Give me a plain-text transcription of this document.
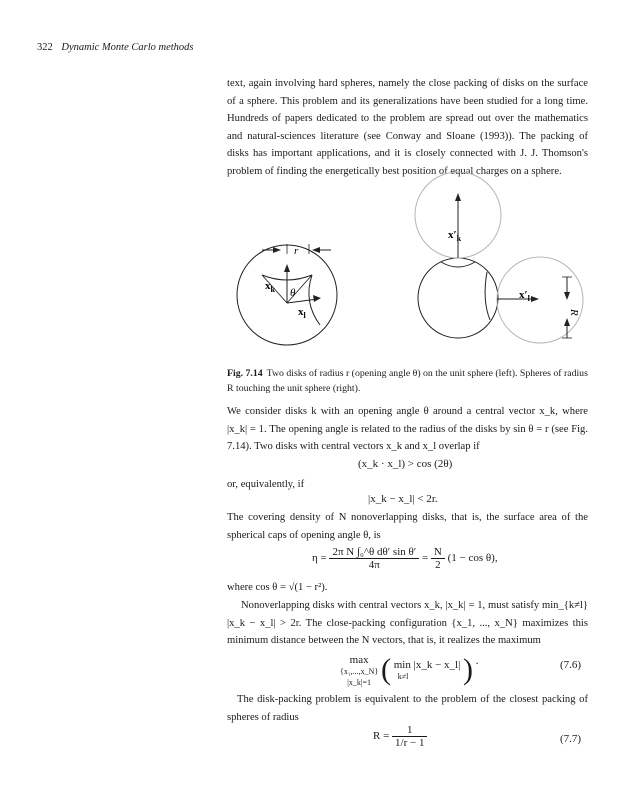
322 Dynamic Monte Carlo methods
text, again involving hard spheres, namely the close packing of disks on the surface of a sphere. This problem and its generalizations have been studied for a long time. Hundreds of papers dedicated to the problem are spread out over the mathematics and natural-sciences literature (see Conway and Sloane (1993)). The packing of disks has important applications, and it is closely connected with J. J. Thomson's problem of finding the energetically best position of equal charges on a sphere.
r
$x_k$ θ
$x_l$
$x'_k$
$x'_l$
R
Fig. 7.14 Two disks of radius r (opening angle θ) on the unit sphere (left). Spheres of radius R touching the unit sphere (right).
We consider disks k with an opening angle θ around a central vector x_k, where |x_k| = 1. The opening angle is related to the radius of the disks by sin θ = r (see Fig. 7.14). Two disks with central vectors x_k and x_l overlap if
(x_k · x_l) > cos (2θ)
or, equivalently, if
|x_k − x_l| < 2r.
The covering density of N nonoverlapping disks, that is, the surface area of the spherical caps of opening angle θ, is
$\eta = \frac{\text{2π N ∫₀\textasciicircum{}θ dθ′ sin θ′}}{4\pi} = \frac{N}{2} (1 - \cos \theta)$,
where cos θ = √(1 − r²).
Nonoverlapping disks with central vectors x_k, |x_k| = 1, must satisfy min_{k≠l} |x_k − x_l| > 2r. The close-packing configuration {x_1, ..., x_N} maximizes this minimum distance between the N vectors, that is, it realizes the maximum
max
{x₁,...,x_N}
|x_k|=1 ( min |x_k − x_l|
k≠l	) .	(7.6)
The disk-packing problem is equivalent to the problem of the closest packing of spheres of radius
$R = \frac{1}{1/r - 1}$	(7.7)
